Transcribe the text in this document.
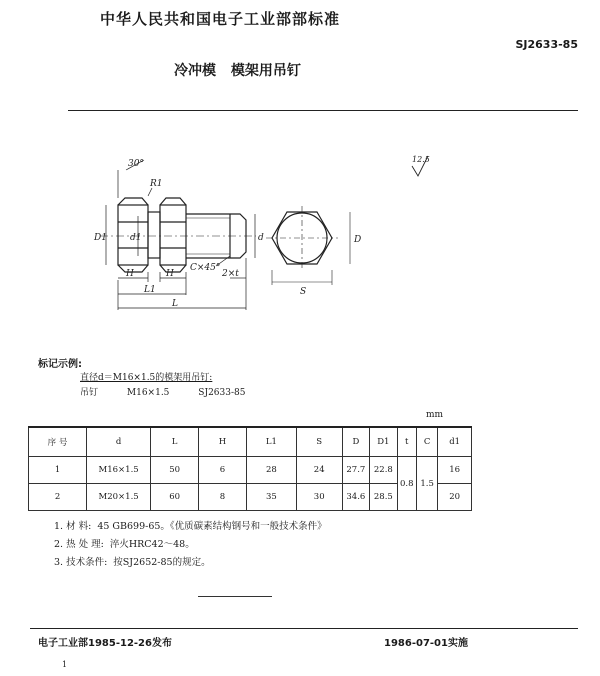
中华人民共和国电子工业部部标准
SJ2633-85
冷冲模 模架用吊钉
30°
R1
D1	d1	d
C×45°
H	H	2×t
L1
L
D
S
12.5
标记示例:
直径d＝M16×1.5的模架用吊钉:
吊钉	M16×1.5	SJ2633-85
mm
序 号	d	L	H	L1	S	D	D1	t	C	d1
1	M16×1.5	50	6	28	24	27.7	22.8	0.8	1.5	16
2	M20×1.5	60	8	35	30	34.6	28.5			20
1. 材 料: 45 GB699-65。《优质碳素结构钢号和一般技术条件》
2. 热 处 理: 淬火HRC42～48。
3. 技术条件: 按SJ2652-85的规定。
电子工业部1985-12-26发布	1986-07-01实施
1
